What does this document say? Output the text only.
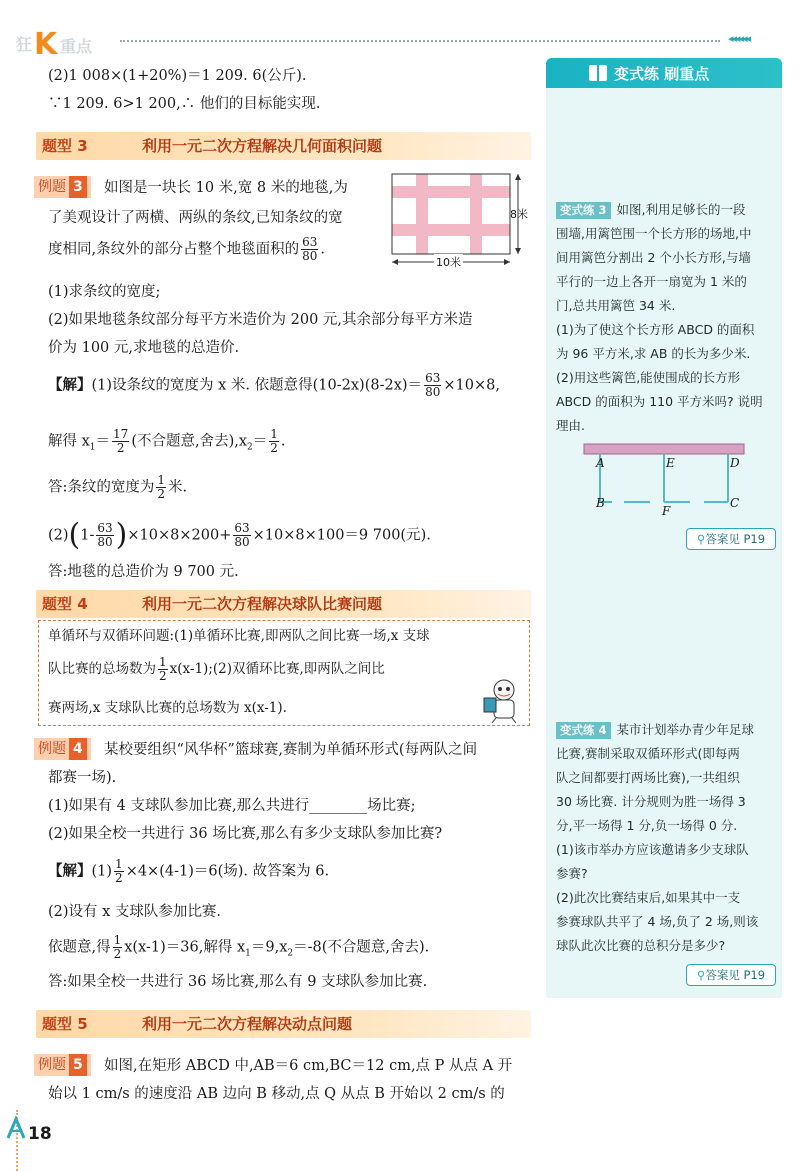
狂 K 重点	◂◂◂◂◂◂
(2)1 008×(1+20%)＝1 209. 6(公斤).
∵1 209. 6>1 200,∴ 他们的目标能实现.
题型 3	利用一元二次方程解决几何面积问题
例题 3	如图是一块长 10 米,宽 8 米的地毯,为
了美观设计了两横、两纵的条纹,已知条纹的宽
度相同,条纹外的部分占整个地毯面积的 $\frac{63}{80}$ .
(1)求条纹的宽度;
(2)如果地毯条纹部分每平方米造价为 200 元,其余部分每平方米造
价为 100 元,求地毯的总造价.
10米
8米
【解】(1)设条纹的宽度为 x 米. 依题意得$(10-2x)(8-2x)= \frac{63}{80} \times 10\times 8$,
解得 $x_1= \frac{17}{2}$ (不合题意,舍去)$,x_2= \frac{1}{2}$ .
答:条纹的宽度为 $\frac{1}{2}$ 米.
$(2)(1- \frac{63}{80} )\times 10\times 8\times 200+ \frac{63}{80} \times 10\times 8\times 100=9$ 700(元).
答:地毯的总造价为 9 700 元.
题型 4	利用一元二次方程解决球队比赛问题
单循环与双循环问题:(1)单循环比赛,即两队之间比赛一场,x 支球
队比赛的总场数为 $\frac{1}{2}$ x(x-1);(2)双循环比赛,即两队之间比
赛两场,x 支球队比赛的总场数为 x(x-1).
例题 4	某校要组织“风华杯”篮球赛,赛制为单循环形式(每两队之间
都赛一场).
(1)如果有 4 支球队参加比赛,那么共进行________场比赛;
(2)如果全校一共进行 36 场比赛,那么有多少支球队参加比赛?
【解】$(1) \frac{1}{2} \times 4\times(4-1)=6$(场). 故答案为 6.
(2)设有 x 支球队参加比赛.
依题意,得 $\frac{1}{2} x(x-1)=36$,解得 $x_1=9,x_2=-8$(不合题意,舍去).
答:如果全校一共进行 36 场比赛,那么有 9 支球队参加比赛.
题型 5	利用一元二次方程解决动点问题
例题 5	如图,在矩形 ABCD 中,AB＝6 cm,BC＝12 cm,点 P 从点 A 开
始以 1 cm/s 的速度沿 AB 边向 B 移动,点 Q 从点 B 开始以 2 cm/s 的
变式练 刷重点
变式练 3 如图,利用足够长的一段
围墙,用篱笆围一个长方形的场地,中
间用篱笆分割出 2 个小长方形,与墙
平行的一边上各开一扇宽为 1 米的
门,总共用篱笆 34 米.
(1)为了使这个长方形 ABCD 的面积
为 96 平方米,求 AB 的长为多少米.
(2)用这些篱笆,能使围成的长方形
ABCD 的面积为 110 平方米吗? 说明
理由.
A	E	D
B
F
C
⚲答案见 P19
变式练 4 某市计划举办青少年足球
比赛,赛制采取双循环形式(即每两
队之间都要打两场比赛),一共组织
30 场比赛. 计分规则为胜一场得 3
分,平一场得 1 分,负一场得 0 分.
(1)该市举办方应该邀请多少支球队
参赛?
(2)此次比赛结束后,如果其中一支
参赛球队共平了 4 场,负了 2 场,则该
球队此次比赛的总积分是多少?
⚲答案见 P19
18
